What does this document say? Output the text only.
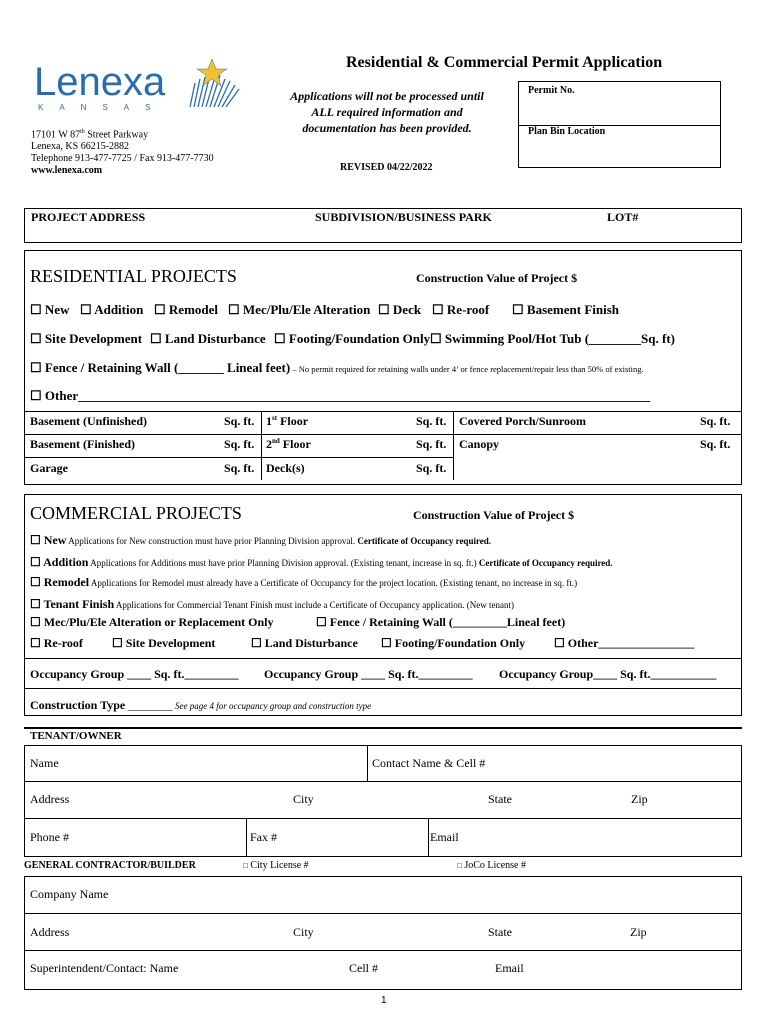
Lenexa
KANSAS
Residential & Commercial Permit Application
17101 W 87th Street Parkway
Lenexa, KS 66215-2882
Telephone 913-477-7725 / Fax 913-477-7730
www.lenexa.com
Applications will not be processed until
ALL required information and
documentation has been provided.
REVISED 04/22/2022
Permit No.
Plan Bin Location
PROJECT ADDRESS	SUBDIVISION/BUSINESS PARK	LOT#
RESIDENTIAL PROJECTS	Construction Value of Project $
☐ New ☐	Addition ☐	Remodel ☐	Mec/Plu/Ele Alteration ☐	Deck ☐	Re-roof ☐	Basement Finish
☐ Site Development ☐	Land Disturbance ☐	Footing/Foundation Only ☐	Swimming Pool/Hot Tub (________Sq. ft)
☐ Fence / Retaining Wall (_______ Lineal feet) – No permit required for retaining walls under 4’ or fence replacement/repair less than 50% of existing.
☐ Other________________________________________________________________________________________
Basement (Unfinished)	Sq. ft. 1st Floor	Sq. ft. Covered Porch/Sunroom	Sq. ft.
Basement (Finished)	Sq. ft. 2nd Floor	Sq. ft. Canopy	Sq. ft.
Garage	Sq. ft. Deck(s)	Sq. ft.
COMMERCIAL PROJECTS	Construction Value of Project $
☐ New Applications for New construction must have prior Planning Division approval. Certificate of Occupancy required.
☐ Addition Applications for Additions must have prior Planning Division approval. (Existing tenant, increase in sq. ft.) Certificate of Occupancy required.
☐ Remodel Applications for Remodel must already have a Certificate of Occupancy for the project location. (Existing tenant, no increase in sq. ft.)
☐ Tenant Finish Applications for Commercial Tenant Finish must include a Certificate of Occupancy application. (New tenant)
☐ Mec/Plu/Ele Alteration or Replacement Only ☐	Fence / Retaining Wall (_________Lineal feet)
☐ Re-roof ☐	Site Development ☐	Land Disturbance ☐	Footing/Foundation Only ☐	Other________________
Occupancy Group ____ Sq. ft._________ Occupancy Group ____ Sq. ft._________ Occupancy Group____ Sq. ft.___________
Construction Type _________ See page 4 for occupancy group and construction type
TENANT/OWNER
Name	Contact Name & Cell #
Address	City	State	Zip
Phone #	Fax #	Email
GENERAL CONTRACTOR/BUILDER	□ City License #	□ JoCo License #
Company Name
Address	City	State	Zip
Superintendent/Contact: Name	Cell #	Email
1
